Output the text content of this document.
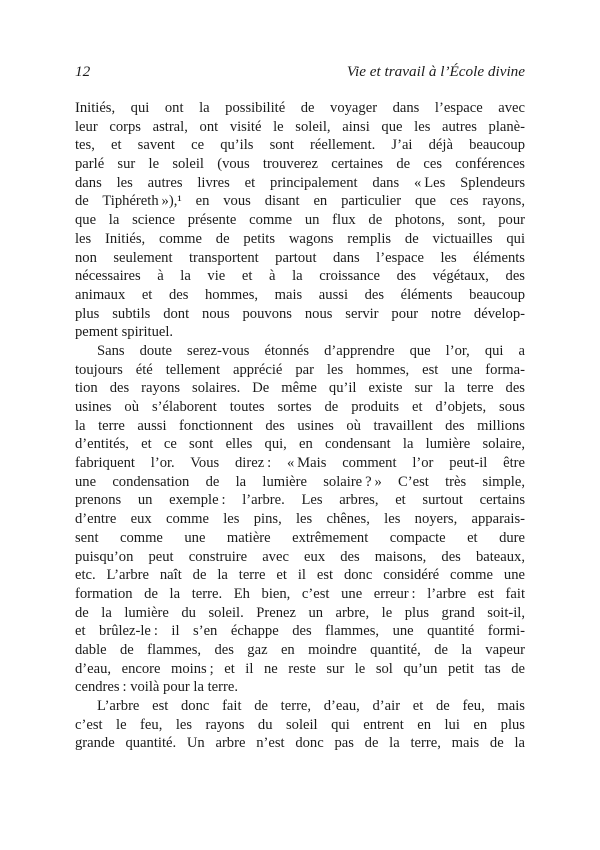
12	Vie et travail à l’École divine
Initiés, qui ont la possibilité de voyager dans l’espace avec
leur corps astral, ont visité le soleil, ainsi que les autres planè-
tes, et savent ce qu’ils sont réellement. J’ai déjà beaucoup
parlé sur le soleil (vous trouverez certaines de ces conférences
dans les autres livres et principalement dans « Les Splendeurs
de Tiphéreth »),¹ en vous disant en particulier que ces rayons,
que la science présente comme un flux de photons, sont, pour
les Initiés, comme de petits wagons remplis de victuailles qui
non seulement transportent partout dans l’espace les éléments
nécessaires à la vie et à la croissance des végétaux, des
animaux et des hommes, mais aussi des éléments beaucoup
plus subtils dont nous pouvons nous servir pour notre dévelop-
pement spirituel.
Sans doute serez-vous étonnés d’apprendre que l’or, qui a
toujours été tellement apprécié par les hommes, est une forma-
tion des rayons solaires. De même qu’il existe sur la terre des
usines où s’élaborent toutes sortes de produits et d’objets, sous
la terre aussi fonctionnent des usines où travaillent des millions
d’entités, et ce sont elles qui, en condensant la lumière solaire,
fabriquent l’or. Vous direz : « Mais comment l’or peut-il être
une condensation de la lumière solaire ? » C’est très simple,
prenons un exemple : l’arbre. Les arbres, et surtout certains
d’entre eux comme les pins, les chênes, les noyers, apparais-
sent comme une matière extrêmement compacte et dure
puisqu’on peut construire avec eux des maisons, des bateaux,
etc. L’arbre naît de la terre et il est donc considéré comme une
formation de la terre. Eh bien, c’est une erreur : l’arbre est fait
de la lumière du soleil. Prenez un arbre, le plus grand soit-il,
et brûlez-le : il s’en échappe des flammes, une quantité formi-
dable de flammes, des gaz en moindre quantité, de la vapeur
d’eau, encore moins ; et il ne reste sur le sol qu’un petit tas de
cendres : voilà pour la terre.
L’arbre est donc fait de terre, d’eau, d’air et de feu, mais
c’est le feu, les rayons du soleil qui entrent en lui en plus
grande quantité. Un arbre n’est donc pas de la terre, mais de la
